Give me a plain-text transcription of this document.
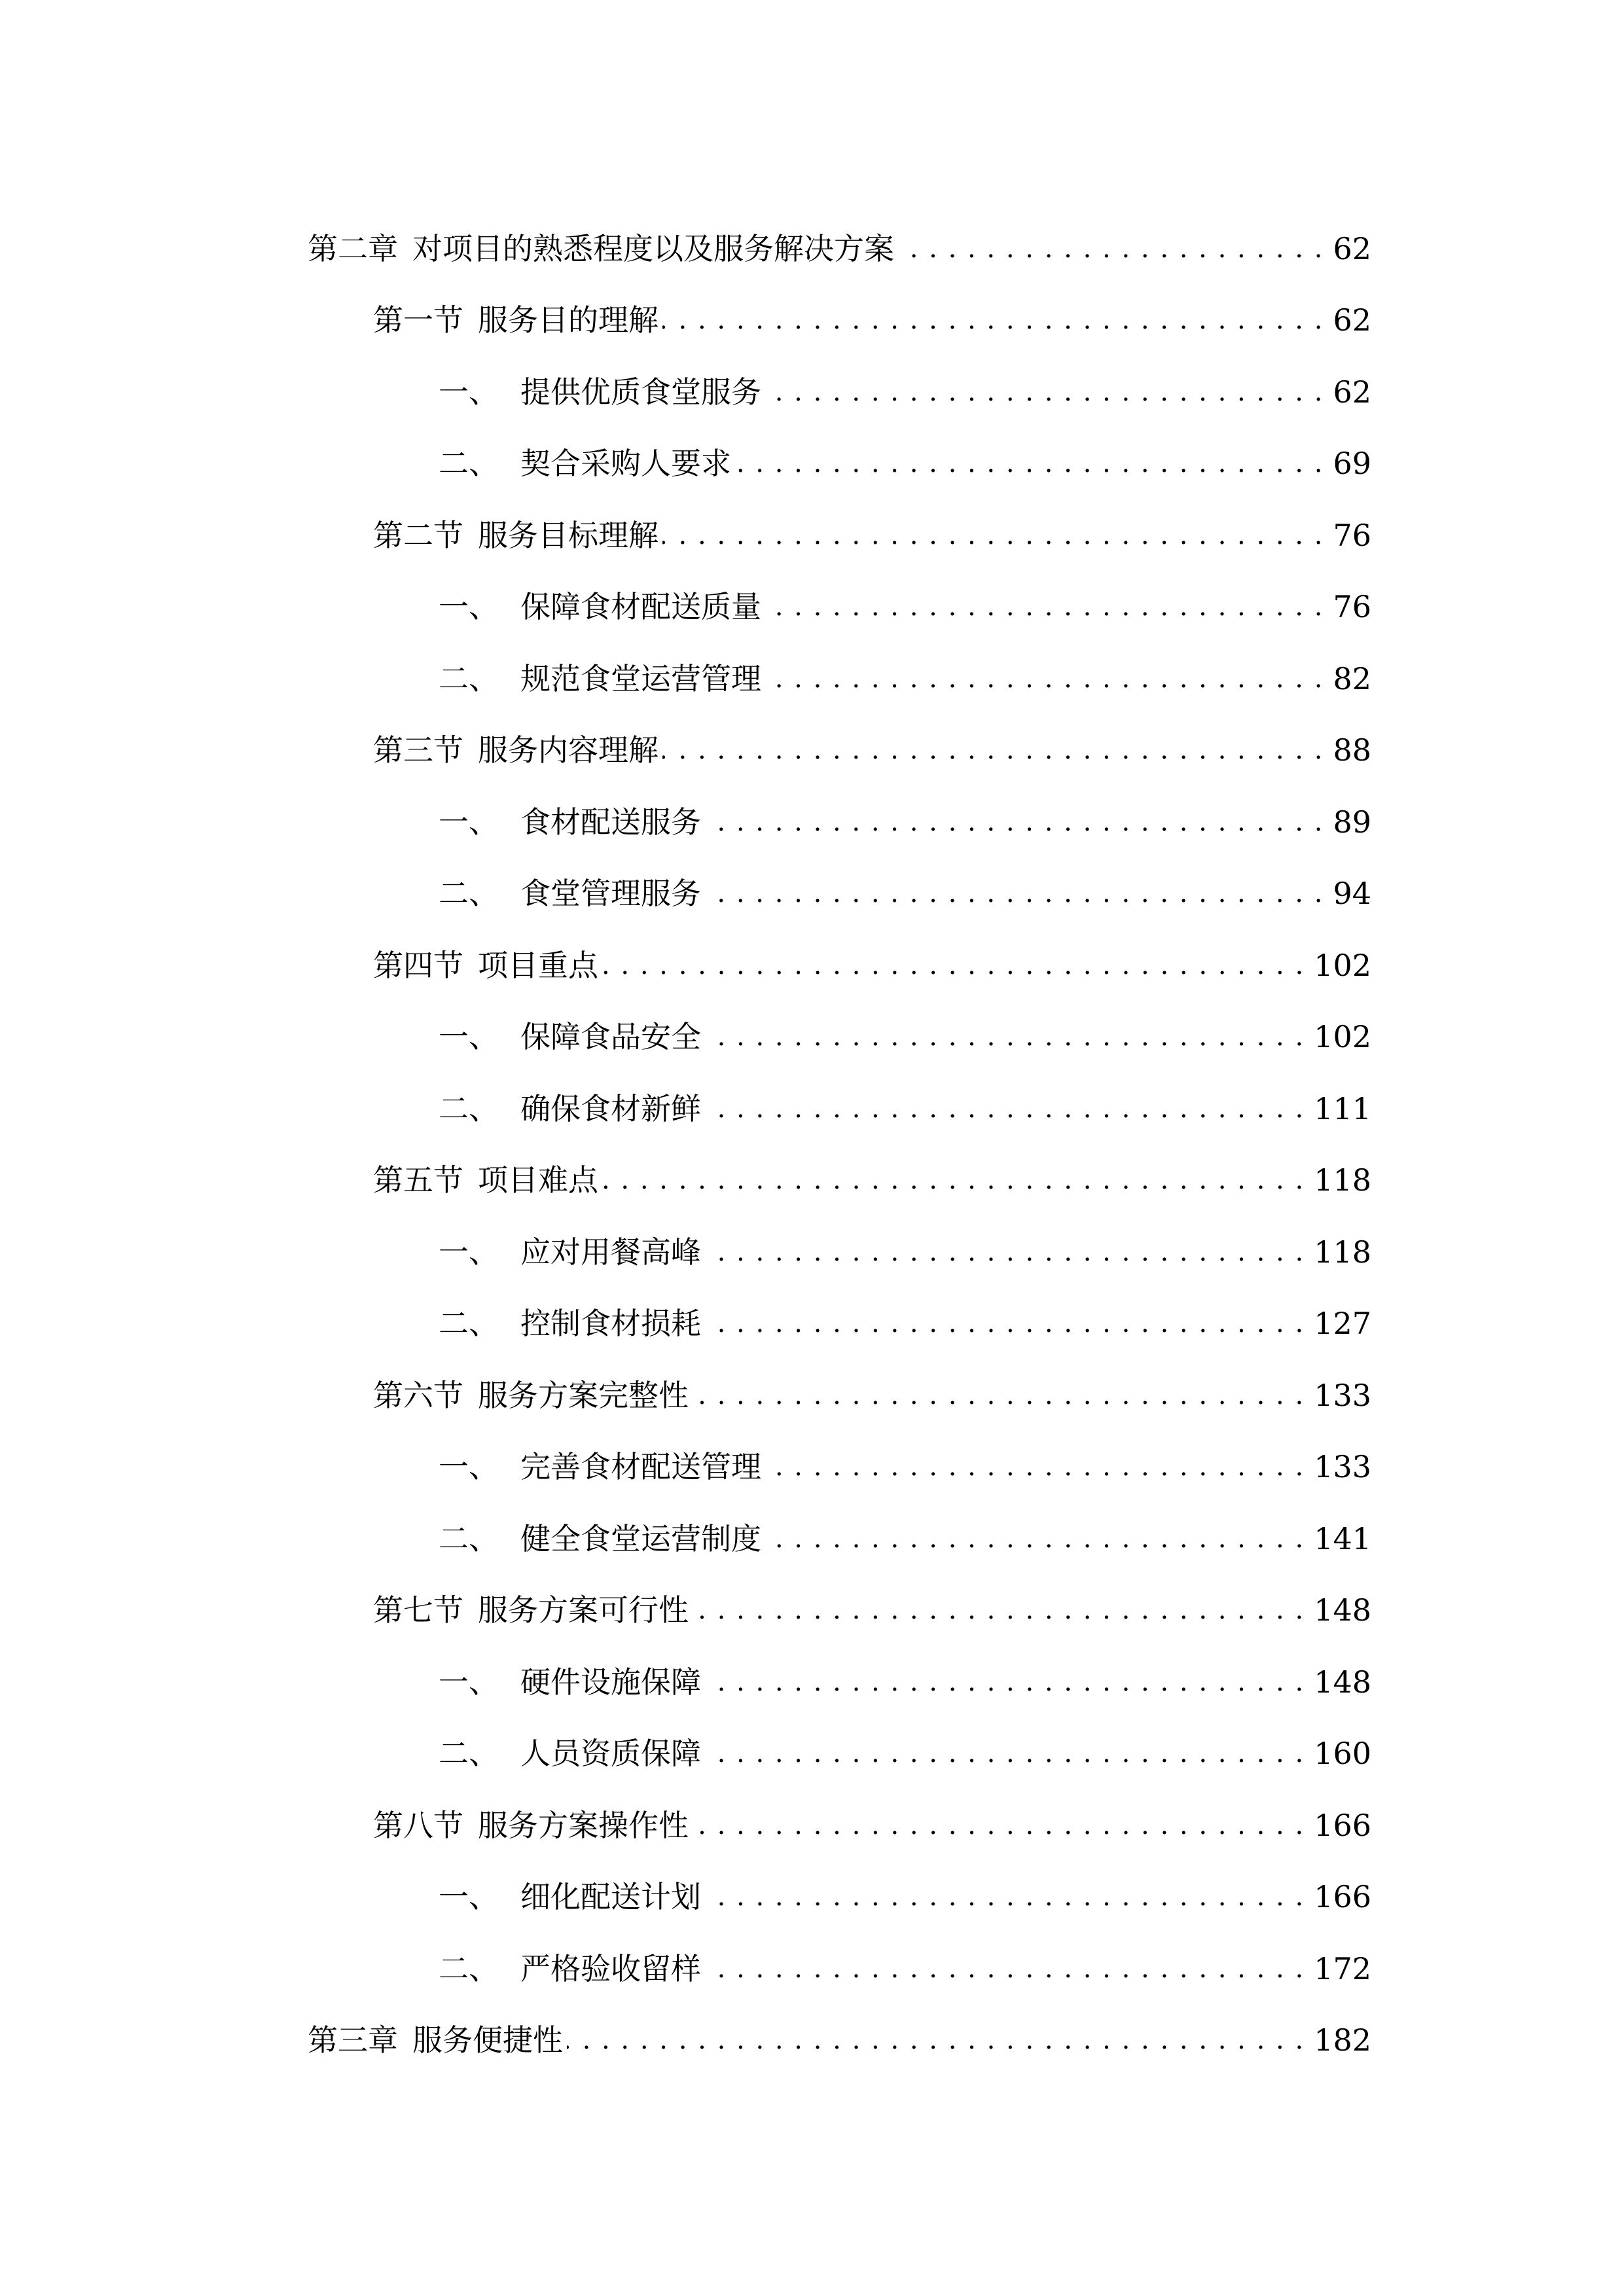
第二章 对项目的熟悉程度以及服务解决方案 . . .	62
第一节 服务目的理解 . . .	62
一、 提供优质食堂服务 . . .	62
二、 契合采购人要求 . . .	69
第二节 服务目标理解 . . .	76
一、 保障食材配送质量 . . .	76
二、 规范食堂运营管理 . . .	82
第三节 服务内容理解 . . .	88
一、 食材配送服务 . . .	89
二、 食堂管理服务 . . .	94
第四节 项目重点 . . .	102
一、 保障食品安全 . . .	102
二、 确保食材新鲜 . . .	111
第五节 项目难点 . . .	118
一、 应对用餐高峰 . . .	118
二、 控制食材损耗 . . .	127
第六节 服务方案完整性 . . .	133
一、 完善食材配送管理 . . .	133
二、 健全食堂运营制度 . . .	141
第七节 服务方案可行性 . . .	148
一、 硬件设施保障 . . .	148
二、 人员资质保障 . . .	160
第八节 服务方案操作性 . . .	166
一、 细化配送计划 . . .	166
二、 严格验收留样 . . .	172
第三章 服务便捷性 . . .	182
